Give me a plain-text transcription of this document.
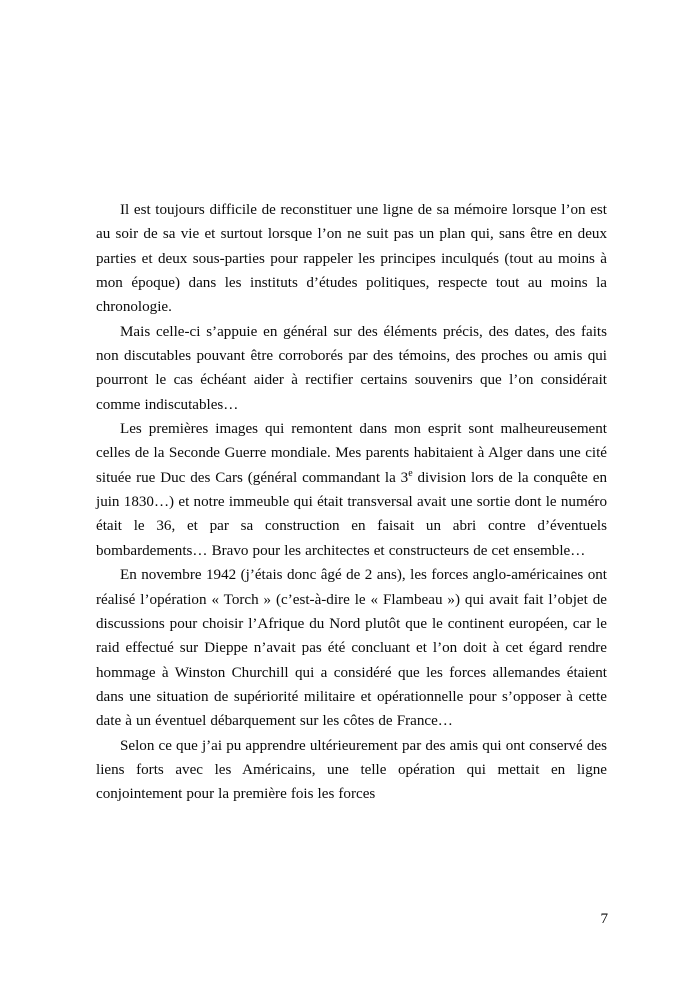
Il est toujours difficile de reconstituer une ligne de sa mémoire lorsque l’on est au soir de sa vie et surtout lorsque l’on ne suit pas un plan qui, sans être en deux parties et deux sous-parties pour rappeler les principes inculqués (tout au moins à mon époque) dans les instituts d’études politiques, respecte tout au moins la chronologie.

Mais celle-ci s’appuie en général sur des éléments précis, des dates, des faits non discutables pouvant être corroborés par des témoins, des proches ou amis qui pourront le cas échéant aider à rectifier certains souvenirs que l’on considérait comme indiscutables…

Les premières images qui remontent dans mon esprit sont malheureusement celles de la Seconde Guerre mondiale. Mes parents habitaient à Alger dans une cité située rue Duc des Cars (général commandant la 3e division lors de la conquête en juin 1830…) et notre immeuble qui était transversal avait une sortie dont le numéro était le 36, et par sa construction en faisait un abri contre d’éventuels bombardements… Bravo pour les architectes et constructeurs de cet ensemble…

En novembre 1942 (j’étais donc âgé de 2 ans), les forces anglo-américaines ont réalisé l’opération « Torch » (c’est-à-dire le « Flambeau ») qui avait fait l’objet de discussions pour choisir l’Afrique du Nord plutôt que le continent européen, car le raid effectué sur Dieppe n’avait pas été concluant et l’on doit à cet égard rendre hommage à Winston Churchill qui a considéré que les forces allemandes étaient dans une situation de supériorité militaire et opérationnelle pour s’opposer à cette date à un éventuel débarquement sur les côtes de France…

Selon ce que j’ai pu apprendre ultérieurement par des amis qui ont conservé des liens forts avec les Américains, une telle opération qui mettait en ligne conjointement pour la première fois les forces

7
